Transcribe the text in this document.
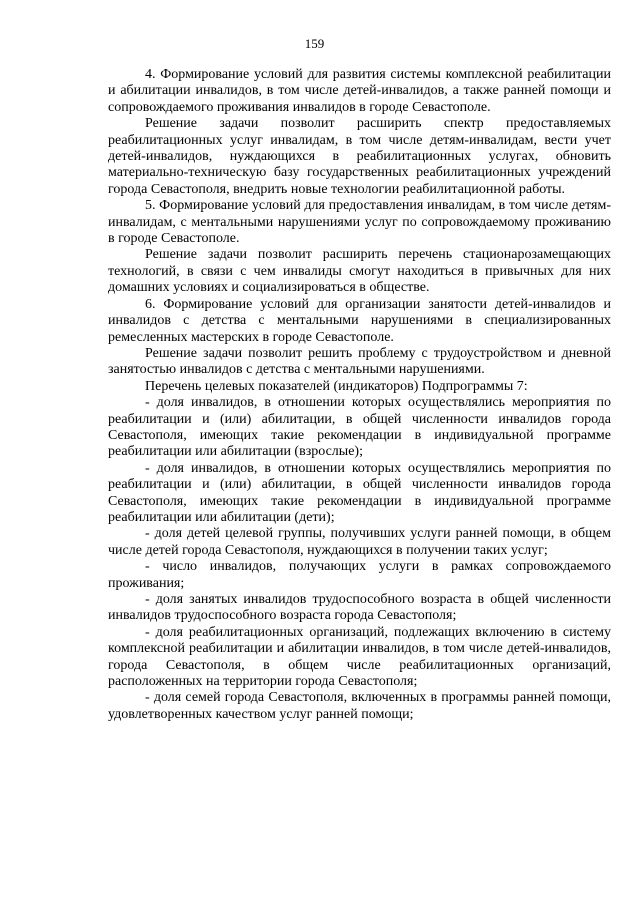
159

4. Формирование условий для развития системы комплексной реабилитации и абилитации инвалидов, в том числе детей-инвалидов, а также ранней помощи и сопровождаемого проживания инвалидов в городе Севастополе.

Решение задачи позволит расширить спектр предоставляемых реабилитационных услуг инвалидам, в том числе детям-инвалидам, вести учет детей-инвалидов, нуждающихся в реабилитационных услугах, обновить материально-техническую базу государственных реабилитационных учреждений города Севастополя, внедрить новые технологии реабилитационной работы.

5. Формирование условий для предоставления инвалидам, в том числе детям-инвалидам, с ментальными нарушениями услуг по сопровождаемому проживанию в городе Севастополе.

Решение задачи позволит расширить перечень стационарозамещающих технологий, в связи с чем инвалиды смогут находиться в привычных для них домашних условиях и социализироваться в обществе.

6. Формирование условий для организации занятости детей-инвалидов и инвалидов с детства с ментальными нарушениями в специализированных ремесленных мастерских в городе Севастополе.

Решение задачи позволит решить проблему с трудоустройством и дневной занятостью инвалидов с детства с ментальными нарушениями.

Перечень целевых показателей (индикаторов) Подпрограммы 7:

- доля инвалидов, в отношении которых осуществлялись мероприятия по реабилитации и (или) абилитации, в общей численности инвалидов города Севастополя, имеющих такие рекомендации в индивидуальной программе реабилитации или абилитации (взрослые);

- доля инвалидов, в отношении которых осуществлялись мероприятия по реабилитации и (или) абилитации, в общей численности инвалидов города Севастополя, имеющих такие рекомендации в индивидуальной программе реабилитации или абилитации (дети);

- доля детей целевой группы, получивших услуги ранней помощи, в общем числе детей города Севастополя, нуждающихся в получении таких услуг;

- число инвалидов, получающих услуги в рамках сопровождаемого проживания;

- доля занятых инвалидов трудоспособного возраста в общей численности инвалидов трудоспособного возраста города Севастополя;

- доля реабилитационных организаций, подлежащих включению в систему комплексной реабилитации и абилитации инвалидов, в том числе детей-инвалидов, города Севастополя, в общем числе реабилитационных организаций, расположенных на территории города Севастополя;

- доля семей города Севастополя, включенных в программы ранней помощи, удовлетворенных качеством услуг ранней помощи;
